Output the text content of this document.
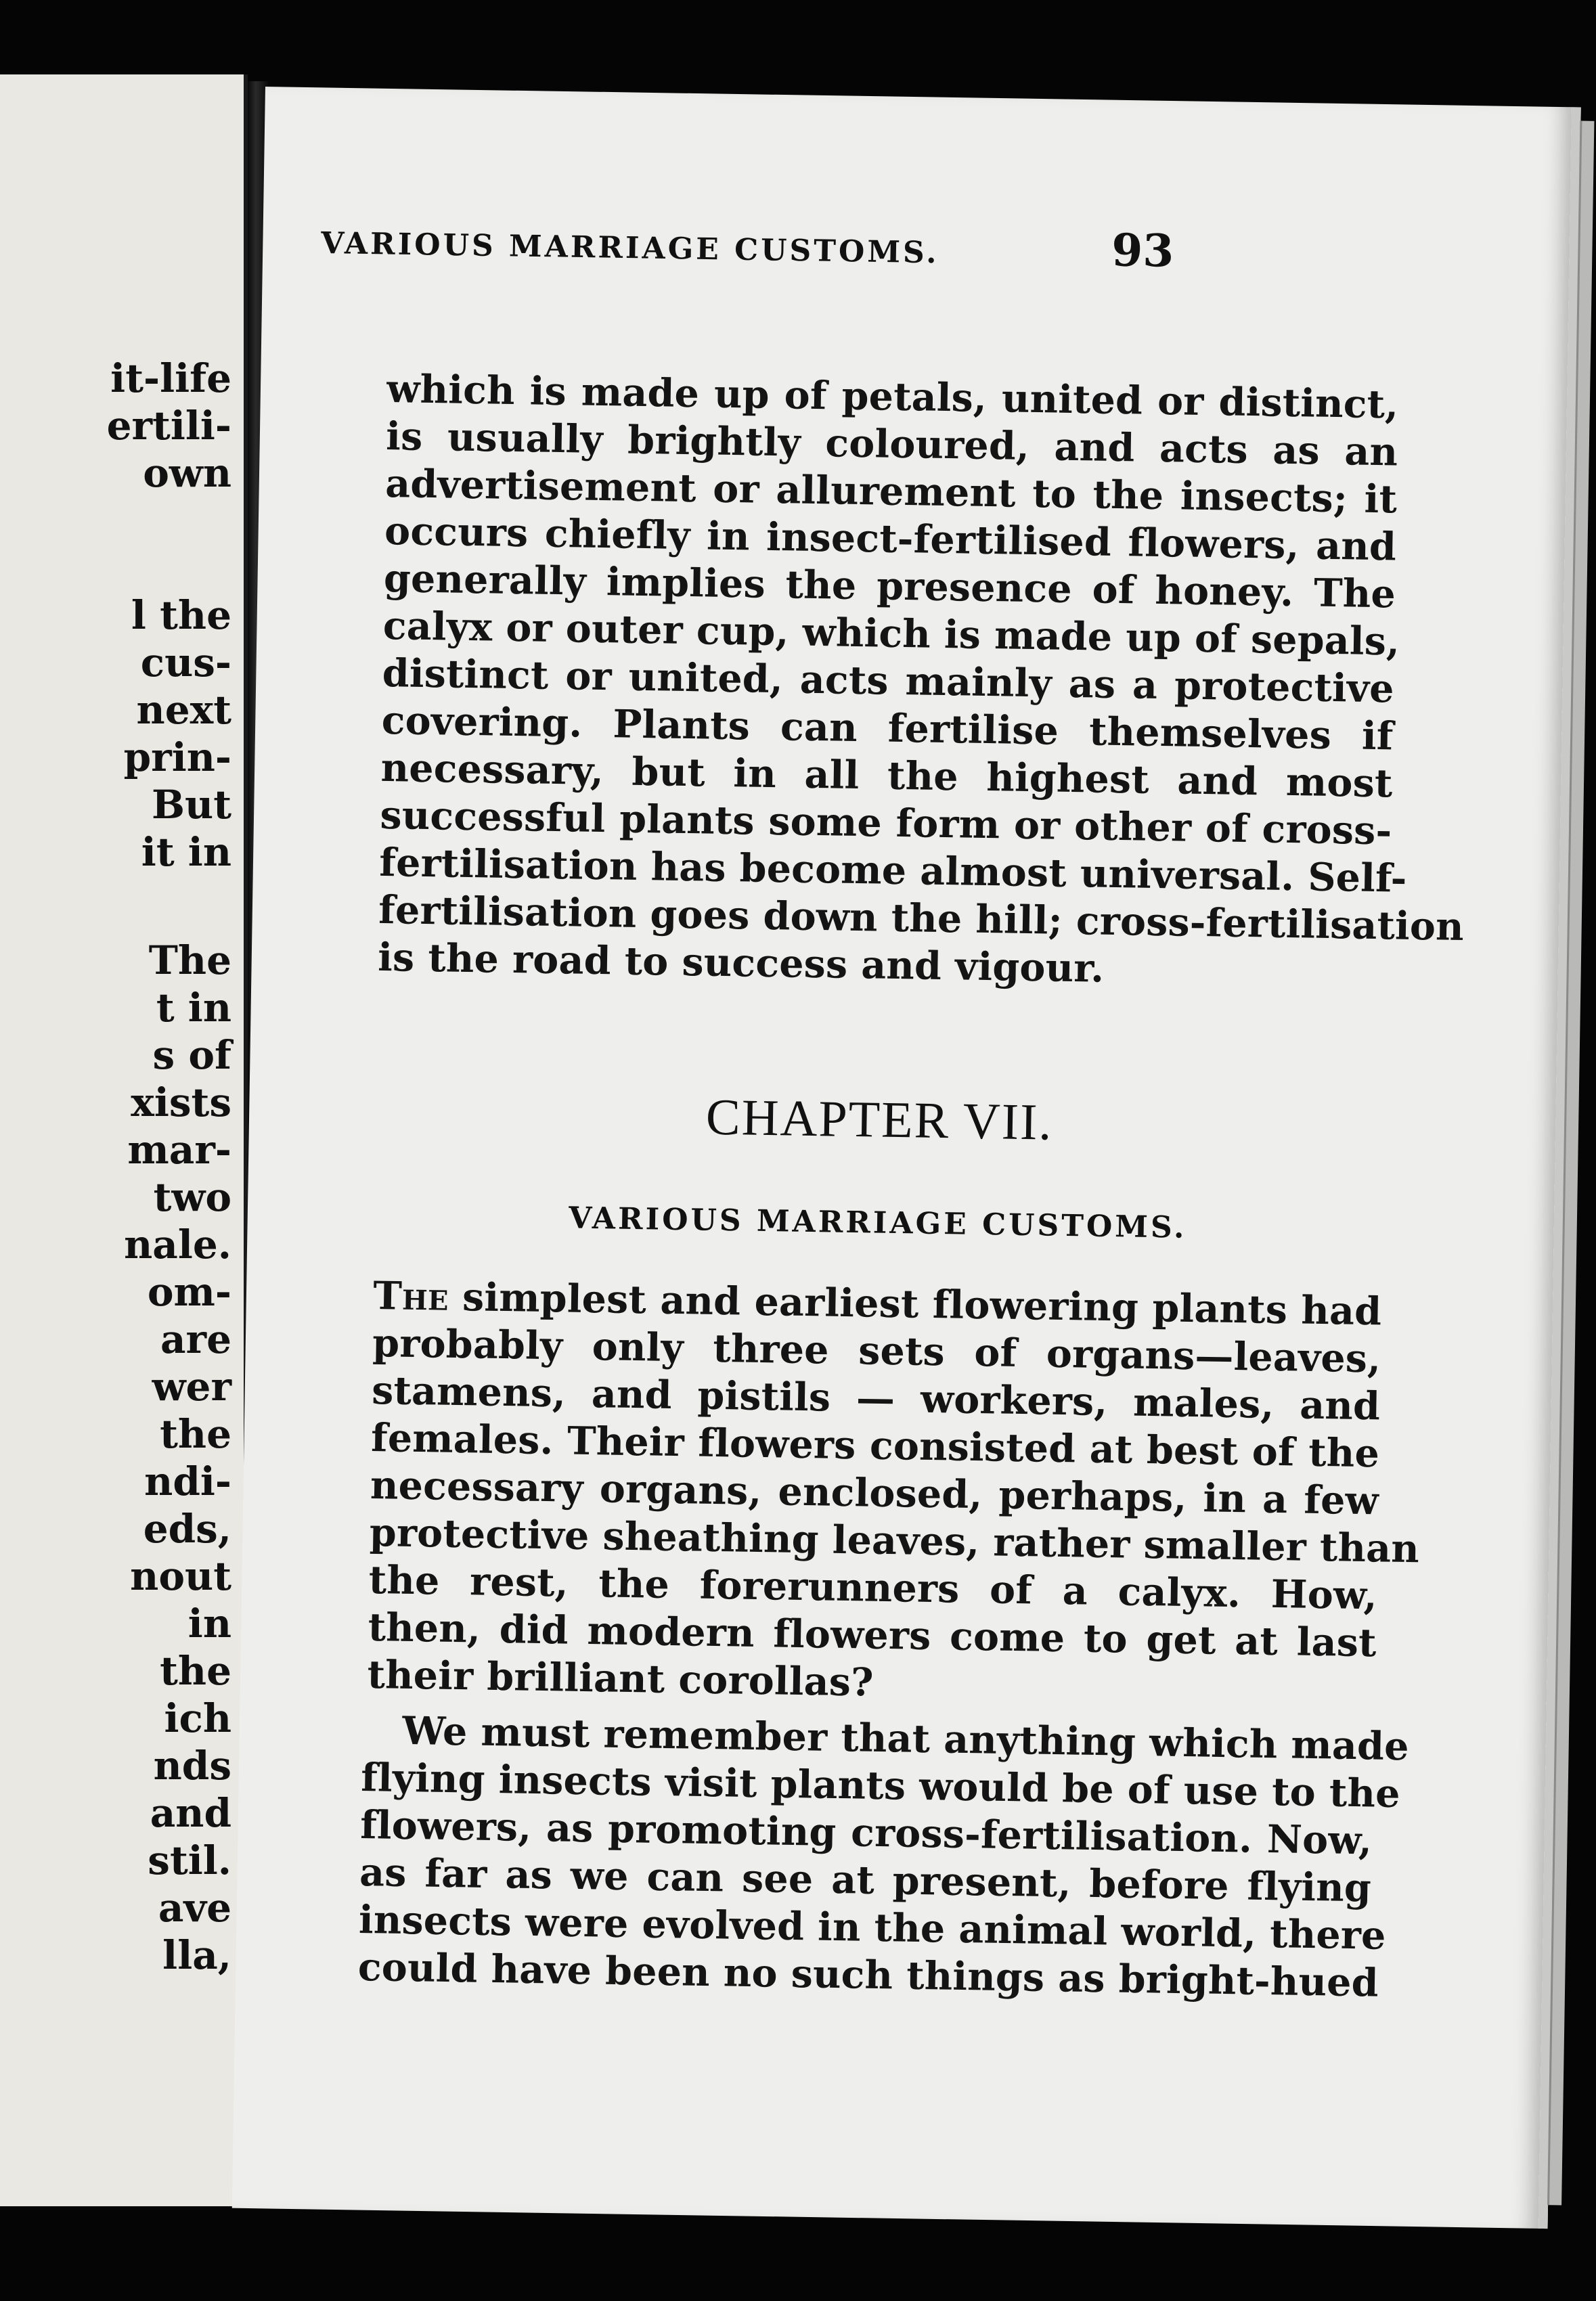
it-life
ertili-
own
l the
cus-
next
prin-
But
it in
The
t in
s of
xists
mar-
two
nale.
om-
are
wer
the
ndi-
eds,
nout
in
the
ich
nds
and
stil.
ave
lla,
VARIOUS MARRIAGE CUSTOMS.	93
which is made up of petals, united or distinct,
is usually brightly coloured, and acts as an
advertisement or allurement to the insects; it
occurs chiefly in insect-fertilised flowers, and
generally implies the presence of honey. The
calyx or outer cup, which is made up of sepals,
distinct or united, acts mainly as a protective
covering. Plants can fertilise themselves if
necessary, but in all the highest and most
successful plants some form or other of cross-
fertilisation has become almost universal. Self-
fertilisation goes down the hill; cross-fertilisation
is the road to success and vigour.
CHAPTER VII.
VARIOUS MARRIAGE CUSTOMS.
The simplest and earliest flowering plants had
probably only three sets of organs—leaves,
stamens, and pistils — workers, males, and
females. Their flowers consisted at best of the
necessary organs, enclosed, perhaps, in a few
protective sheathing leaves, rather smaller than
the rest, the forerunners of a calyx. How,
then, did modern flowers come to get at last
their brilliant corollas?
We must remember that anything which made
flying insects visit plants would be of use to the
flowers, as promoting cross-fertilisation. Now,
as far as we can see at present, before flying
insects were evolved in the animal world, there
could have been no such things as bright-hued
